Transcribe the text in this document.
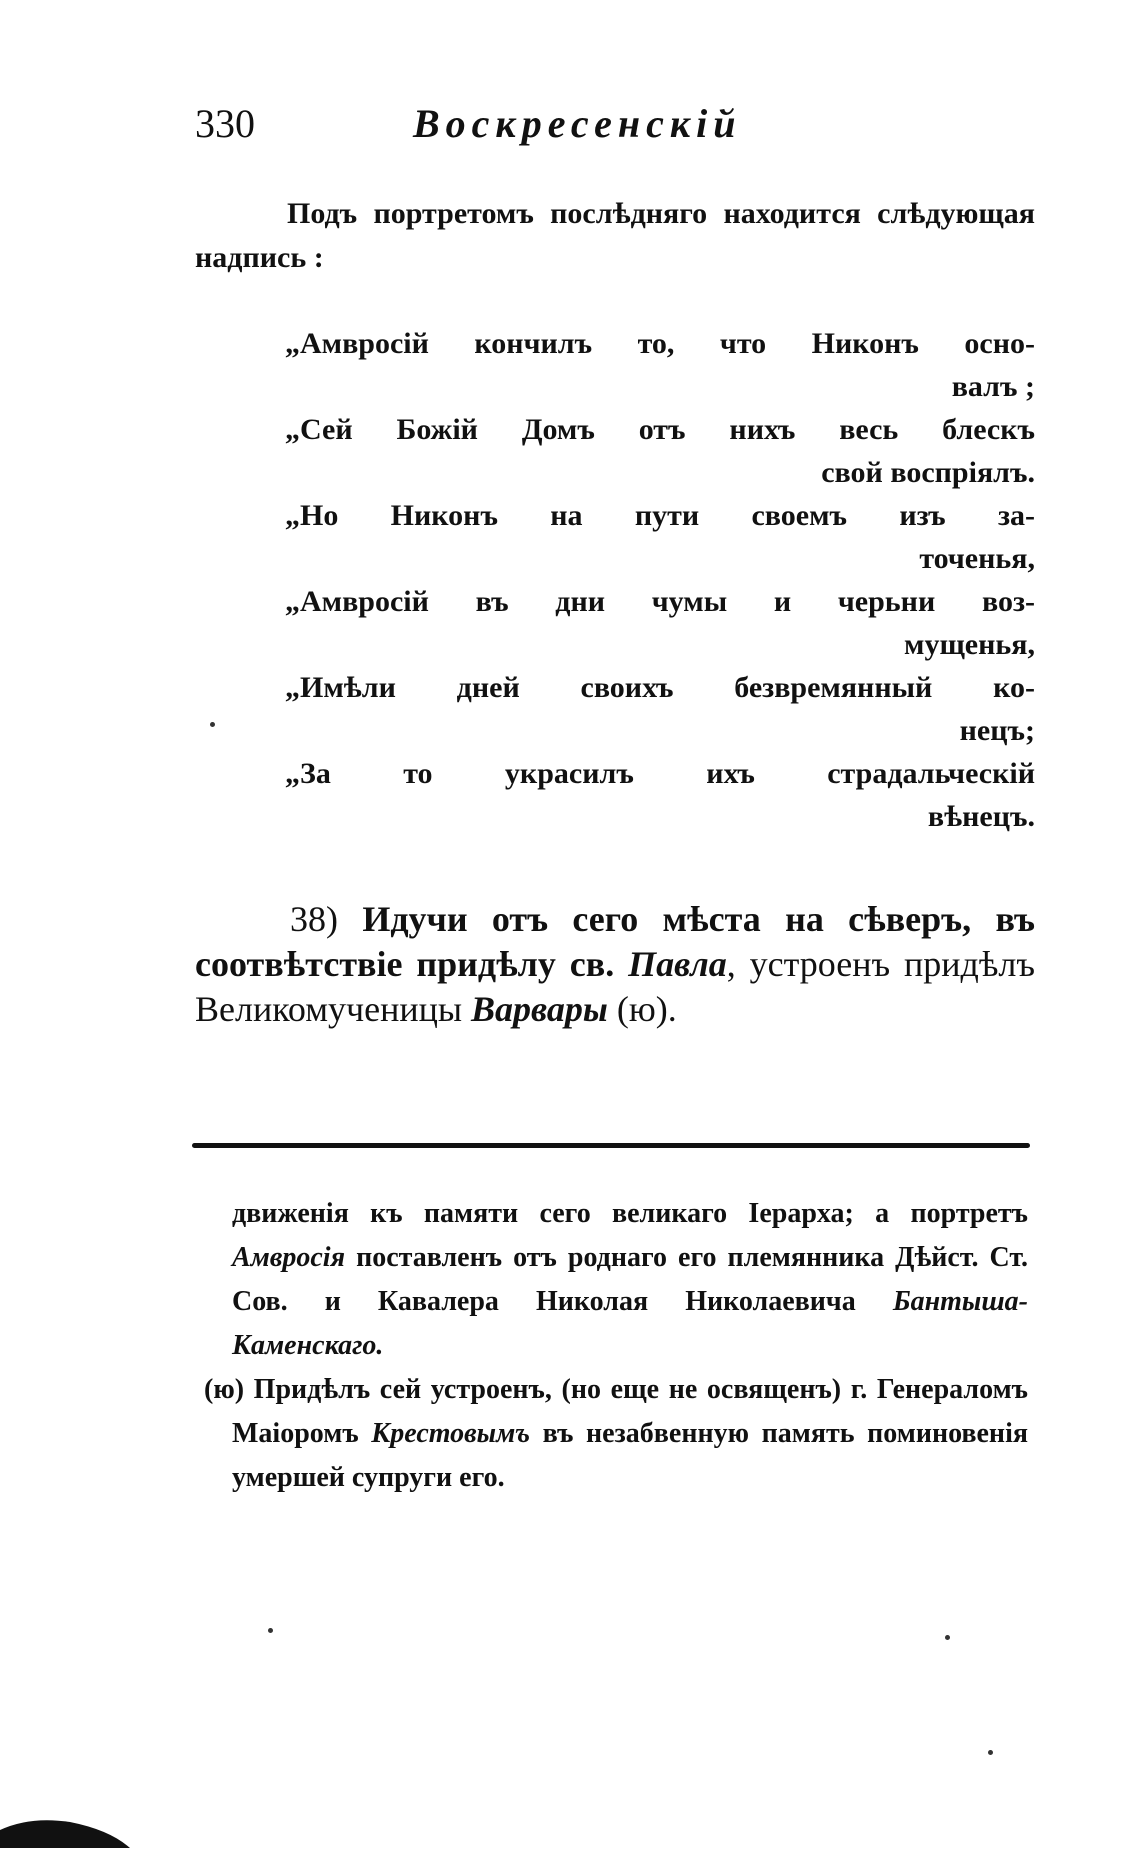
330	Воскресенскій
Подъ портретомъ послѣдняго находится слѣдующая надпись :
„Амвросій кончилъ то, что Никонъ осно-
валъ ;
„Сей Божій Домъ отъ нихъ весь блескъ
свой воспріялъ.
„Но Никонъ на пути своемъ изъ за-
точенья,
„Амвросій въ дни чумы и черьни воз-
мущенья,
„Имѣли дней своихъ безвремянный ко-
нецъ;
„За то украсилъ ихъ страдальческій
вѣнецъ.
38) Идучи отъ сего мѣста на сѣверъ, въ соотвѣтствіе придѣлу св. Павла, устроенъ придѣлъ Великомученицы Варвары (ю).

движенія къ памяти сего великаго Іерарха; а портретъ Амвросія поставленъ отъ роднаго его племянника Дѣйст. Ст. Сов. и Кавалера Николая Николаевича Бантыша-Каменскаго.

(ю) Придѣлъ сей устроенъ, (но еще не освященъ) г. Генераломъ Маіоромъ Крестовымъ въ незабвенную память поминовенія умершей супруги его.
